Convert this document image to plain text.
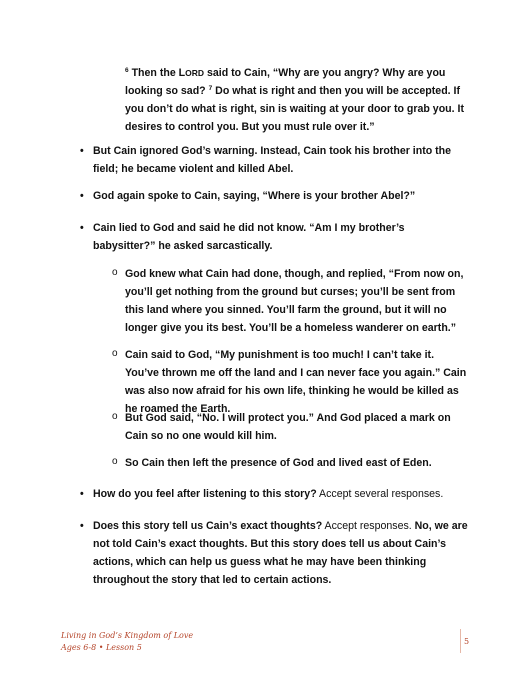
$^6$ Then the LORD said to Cain, “Why are you angry? Why are you looking so sad? $^7$ Do what is right and then you will be accepted. If you don’t do what is right, sin is waiting at your door to grab you. It desires to control you. But you must rule over it.”
• But Cain ignored God’s warning. Instead, Cain took his brother into the field; he became violent and killed Abel.
• God again spoke to Cain, saying, “Where is your brother Abel?”
• Cain lied to God and said he did not know. “Am I my brother’s babysitter?” he asked sarcastically.
o God knew what Cain had done, though, and replied, “From now on, you’ll get nothing from the ground but curses; you’ll be sent from this land where you sinned. You’ll farm the ground, but it will no longer give you its best. You’ll be a homeless wanderer on earth.”
o Cain said to God, “My punishment is too much! I can’t take it. You’ve thrown me off the land and I can never face you again.” Cain was also now afraid for his own life, thinking he would be killed as he roamed the Earth.
o But God said, “No. I will protect you.” And God placed a mark on Cain so no one would kill him.
o So Cain then left the presence of God and lived east of Eden.
• How do you feel after listening to this story? Accept several responses.
• Does this story tell us Cain’s exact thoughts? Accept responses. No, we are not told Cain’s exact thoughts. But this story does tell us about Cain’s actions, which can help us guess what he may have been thinking throughout the story that led to certain actions.
Living in God’s Kingdom of Love
Ages 6-8 • Lesson 5
5
